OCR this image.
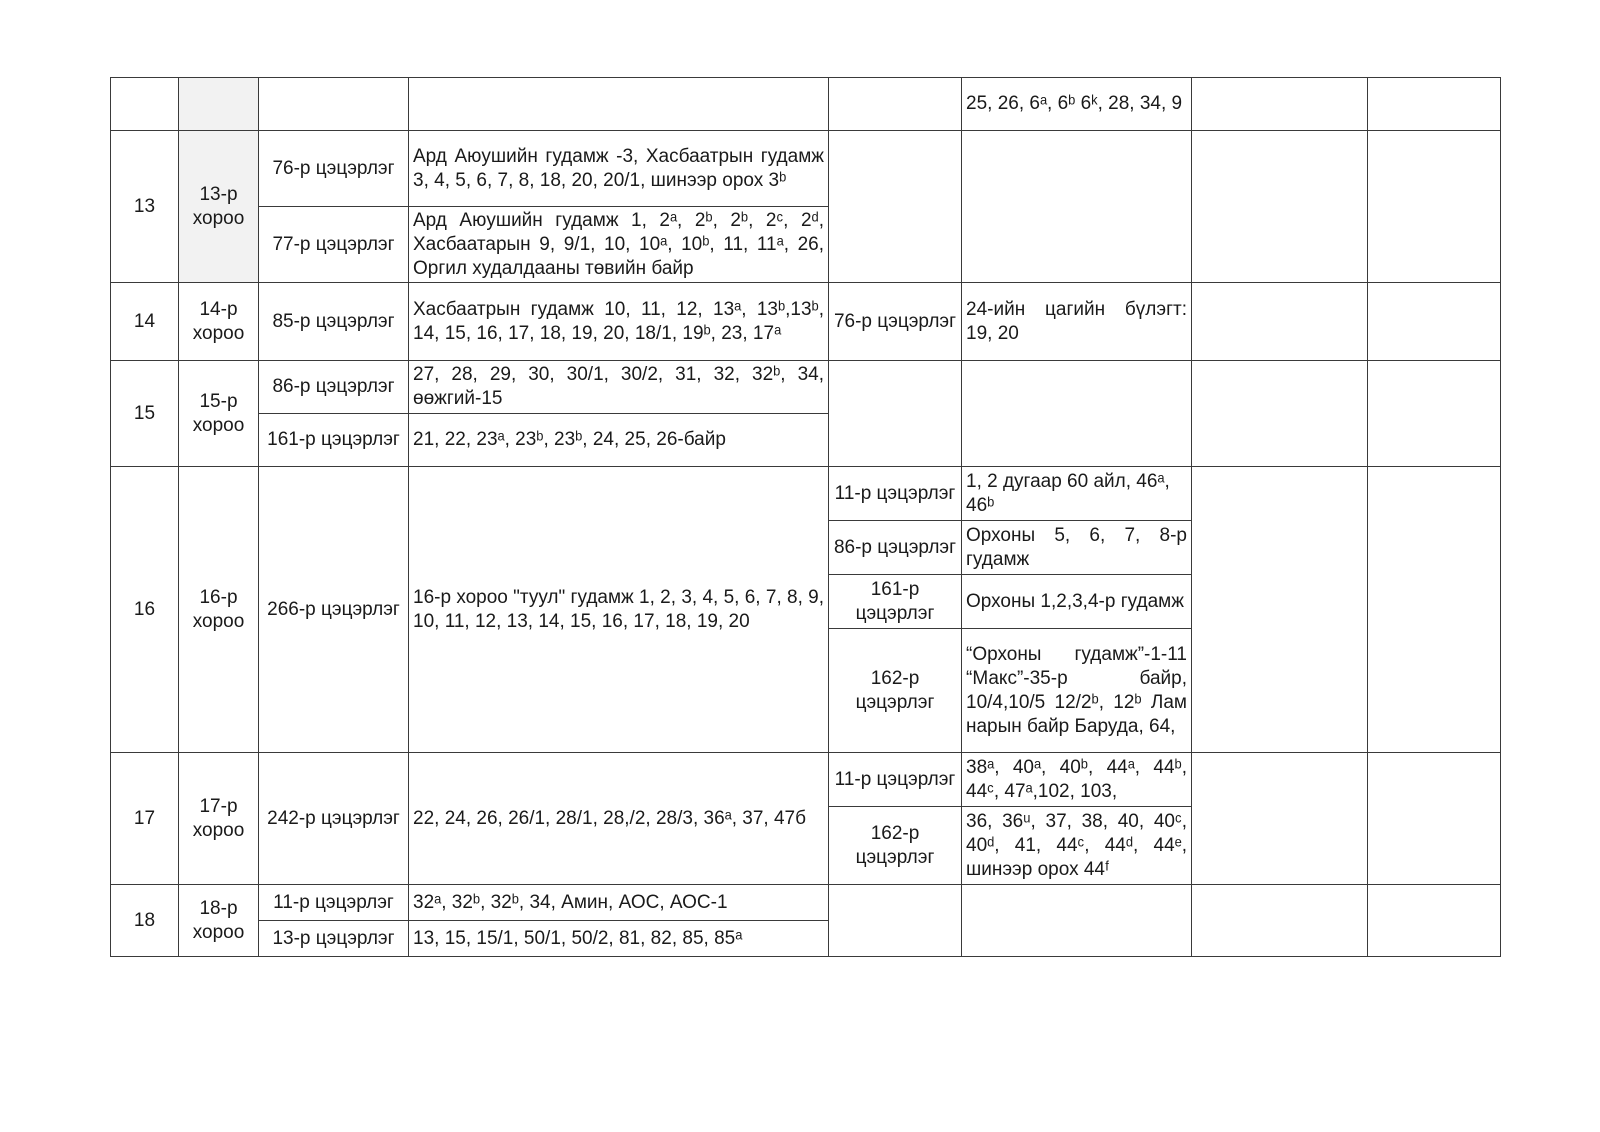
					25, 26, 6ᵃ, 6ᵇ 6ᵏ, 28, 34, 9		
13	13-р хороо	76-р цэцэрлэг	Ард Аюушийн гудамж -3, Хасбаатрын гудамж 3, 4, 5, 6, 7, 8, 18, 20, 20/1, шинээр орох 3ᵇ				
		77-р цэцэрлэг	Ард Аюушийн гудамж 1, 2ᵃ, 2ᵇ, 2ᵇ, 2ᶜ, 2ᵈ, Хасбаатарын 9, 9/1, 10, 10ᵃ, 10ᵇ, 11, 11ᵃ, 26, Оргил худалдааны төвийн байр				
14	14-р хороо	85-р цэцэрлэг	Хасбаатрын гудамж 10, 11, 12, 13ᵃ, 13ᵇ,13ᵇ, 14, 15, 16, 17, 18, 19, 20, 18/1, 19ᵇ, 23, 17ᵃ	76-р цэцэрлэг	24-ийн цагийн бүлэгт: 19, 20		
15	15-р хороо	86-р цэцэрлэг	27, 28, 29, 30, 30/1, 30/2, 31, 32, 32ᵇ, 34, өөжгий-15				
		161-р цэцэрлэг	21, 22, 23ᵃ, 23ᵇ, 23ᵇ, 24, 25, 26-байр				
16	16-р хороо	266-р цэцэрлэг	16-р хороо "туул" гудамж 1, 2, 3, 4, 5, 6, 7, 8, 9, 10, 11, 12, 13, 14, 15, 16, 17, 18, 19, 20	11-р цэцэрлэг	1, 2 дугаар 60 айл, 46ᵃ, 46ᵇ		
				86-р цэцэрлэг	Орхоны 5, 6, 7, 8-р гудамж		
				161-р цэцэрлэг	Орхоны 1,2,3,4-р гудамж		
				162-р цэцэрлэг	“Орхоны гудамж”-1-11 “Макс”-35-р байр, 10/4,10/5 12/2ᵇ, 12ᵇ Лам нарын байр Баруда, 64,		
17	17-р хороо	242-р цэцэрлэг	22, 24, 26, 26/1, 28/1, 28,/2, 28/3, 36ᵃ, 37, 47б	11-р цэцэрлэг	38ᵃ, 40ᵃ, 40ᵇ, 44ᵃ, 44ᵇ, 44ᶜ, 47ᵃ,102, 103,		
				162-р цэцэрлэг	36, 36ᵘ, 37, 38, 40, 40ᶜ, 40ᵈ, 41, 44ᶜ, 44ᵈ, 44ᵉ, шинээр орох 44ᶠ		
18	18-р хороо	11-р цэцэрлэг	32ᵃ, 32ᵇ, 32ᵇ, 34, Амин, АОС, АОС-1				
		13-р цэцэрлэг	13, 15, 15/1, 50/1, 50/2, 81, 82, 85, 85ᵃ				
